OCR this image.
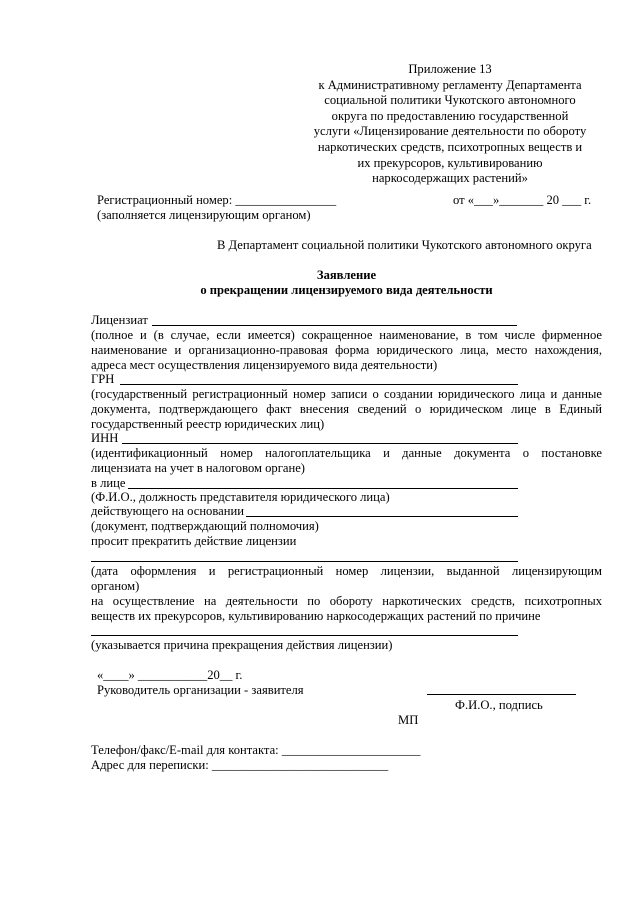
Приложение 13
к Административному регламенту Департамента
социальной политики Чукотского автономного
округа по предоставлению государственной
услуги «Лицензирование деятельности по обороту
наркотических средств, психотропных веществ и
их прекурсоров, культивированию
наркосодержащих растений»
Регистрационный номер: ________________	от «___»_______ 20 ___ г.
(заполняется лицензирующим органом)
В Департамент социальной политики Чукотского автономного округа
Заявление
о прекращении лицензируемого вида деятельности
Лицензиат
(полное и (в случае, если имеется) сокращенное наименование, в том числе фирменное
наименование и организационно-правовая форма юридического лица, место нахождения,
адреса мест осуществления лицензируемого вида деятельности)
ГРН
(государственный регистрационный номер записи о создании юридического лица и данные
документа, подтверждающего факт внесения сведений о юридическом лице в Единый
государственный реестр юридических лиц)
ИНН
(идентификационный номер налогоплательщика и данные документа о постановке
лицензиата на учет в налоговом органе)
в лице
(Ф.И.О., должность представителя юридического лица)
действующего на основании
(документ, подтверждающий полномочия)
просит прекратить действие лицензии
(дата оформления и регистрационный номер лицензии, выданной лицензирующим
органом)
на осуществление на деятельности по обороту наркотических средств, психотропных
веществ их прекурсоров, культивированию наркосодержащих растений по причине
(указывается причина прекращения действия лицензии)
«____» ___________20__ г.
Руководитель организации - заявителя
Ф.И.О., подпись
МП
Телефон/факс/E-mail для контакта: ______________________
Адрес для переписки: ____________________________
